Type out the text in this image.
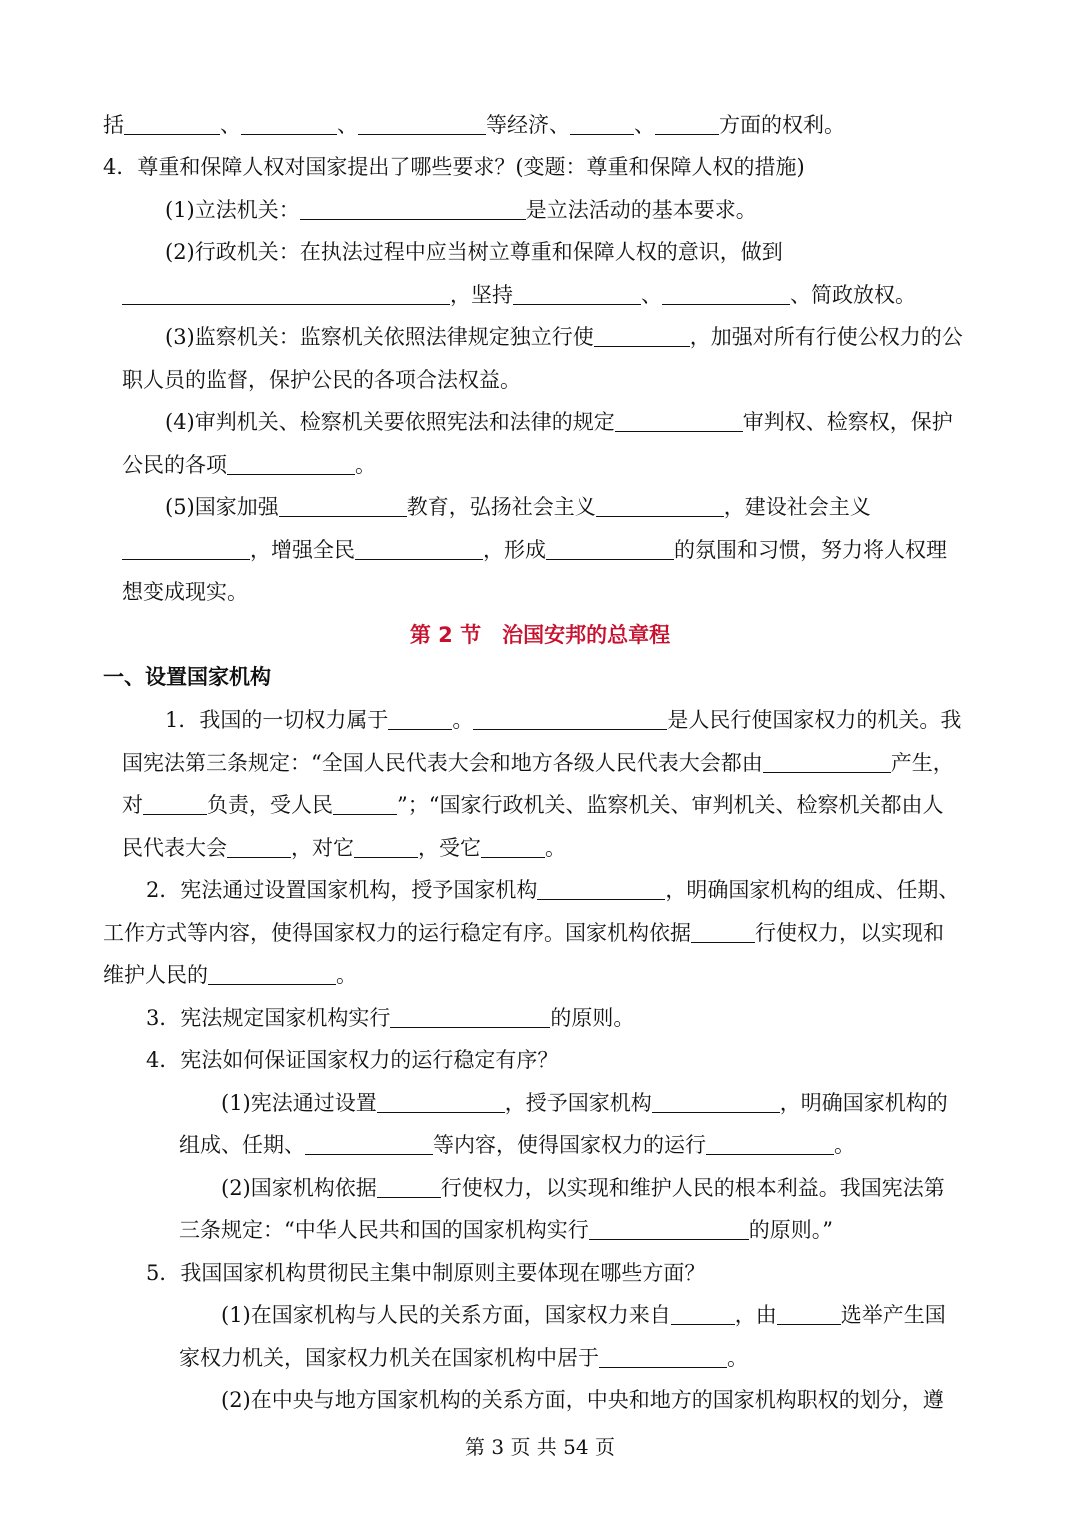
括	、	、	等经济、	、	方面的权利。
4．尊重和保障人权对国家提出了哪些要求？(变题：尊重和保障人权的措施)
(1)立法机关：	是立法活动的基本要求。
(2)行政机关：在执法过程中应当树立尊重和保障人权的意识，做到
，坚持	、	、简政放权。
(3)监察机关：监察机关依照法律规定独立行使	，加强对所有行使公权力的公
职人员的监督，保护公民的各项合法权益。
(4)审判机关、检察机关要依照宪法和法律的规定	审判权、检察权，保护
公民的各项	。
(5)国家加强	教育，弘扬社会主义	，建设社会主义
，增强全民	，形成	的氛围和习惯，努力将人权理
想变成现实。
第 2 节　治国安邦的总章程
一、设置国家机构
1．我国的一切权力属于	。	是人民行使国家权力的机关。我
国宪法第三条规定：“全国人民代表大会和地方各级人民代表大会都由	产生，
对	负责，受人民	”；“国家行政机关、监察机关、审判机关、检察机关都由人
民代表大会	，对它	，受它	。
2．宪法通过设置国家机构，授予国家机构	，明确国家机构的组成、任期、
工作方式等内容，使得国家权力的运行稳定有序。国家机构依据	行使权力，以实现和
维护人民的	。
3．宪法规定国家机构实行	的原则。
4．宪法如何保证国家权力的运行稳定有序？
(1)宪法通过设置	，授予国家机构	，明确国家机构的
组成、任期、	等内容，使得国家权力的运行	。
(2)国家机构依据	行使权力，以实现和维护人民的根本利益。我国宪法第
三条规定：“中华人民共和国的国家机构实行	的原则。”
5．我国国家机构贯彻民主集中制原则主要体现在哪些方面？
(1)在国家机构与人民的关系方面，国家权力来自	，由	选举产生国
家权力机关，国家权力机关在国家机构中居于	。
(2)在中央与地方国家机构的关系方面，中央和地方的国家机构职权的划分，遵
第 3 页 共 54 页
